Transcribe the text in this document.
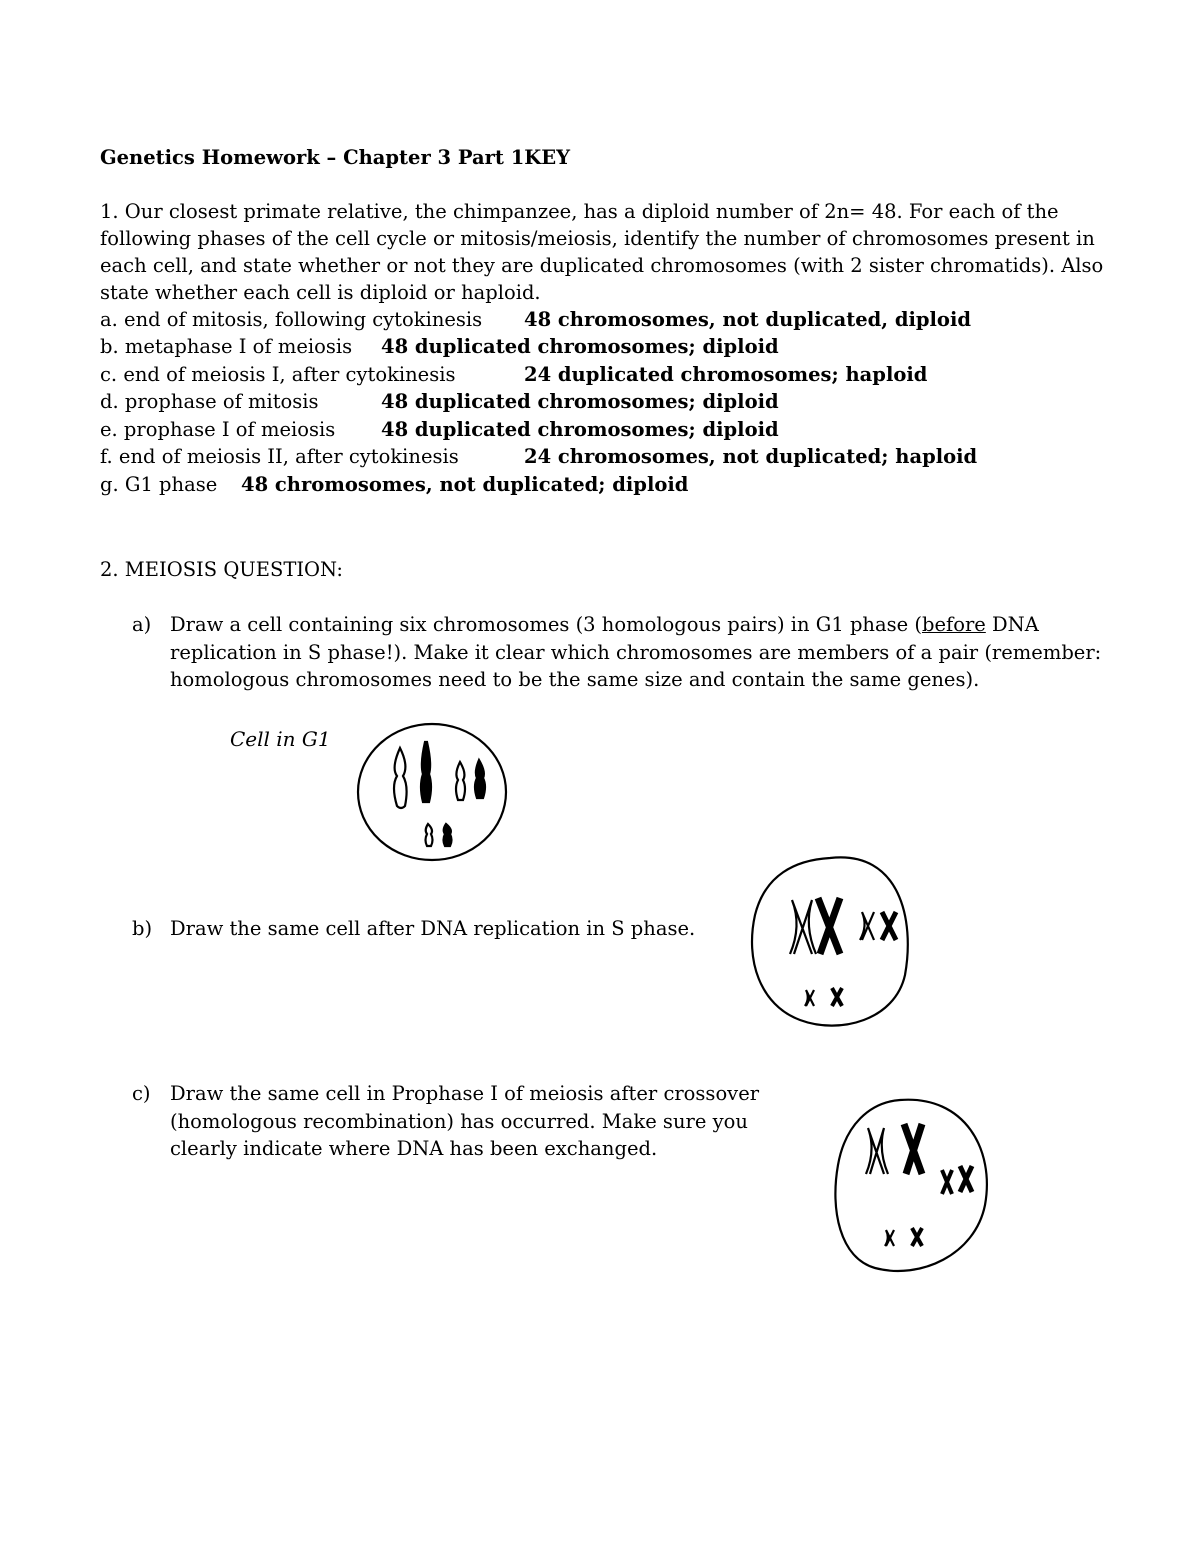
Genetics Homework – Chapter 3 Part 1KEY
1. Our closest primate relative, the chimpanzee, has a diploid number of 2n= 48. For each of the following phases of the cell cycle or mitosis/meiosis, identify the number of chromosomes present in each cell, and state whether or not they are duplicated chromosomes (with 2 sister chromatids). Also state whether each cell is diploid or haploid.
a. end of mitosis, following cytokinesis 48 chromosomes, not duplicated, diploid
b. metaphase I of meiosis 48 duplicated chromosomes; diploid
c. end of meiosis I, after cytokinesis	24 duplicated chromosomes; haploid
d. prophase of mitosis	48 duplicated chromosomes; diploid
e. prophase I of meiosis 48 duplicated chromosomes; diploid
f. end of meiosis II, after cytokinesis	24 chromosomes, not duplicated; haploid
g. G1 phase 48 chromosomes, not duplicated; diploid
2. MEIOSIS QUESTION:
a) Draw a cell containing six chromosomes (3 homologous pairs) in G1 phase (before DNA replication in S phase!). Make it clear which chromosomes are members of a pair (remember: homologous chromosomes need to be the same size and contain the same genes).
b) Draw the same cell after DNA replication in S phase.
c) Draw the same cell in Prophase I of meiosis after crossover (homologous recombination) has occurred. Make sure you clearly indicate where DNA has been exchanged.
Cell in G1
